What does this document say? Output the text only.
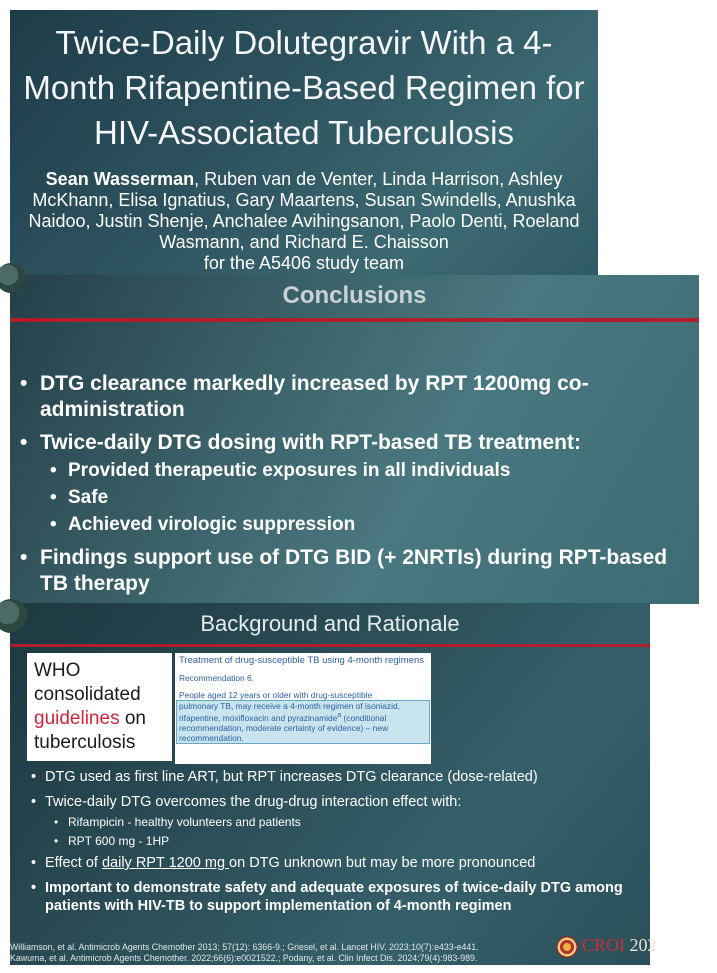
Twice-Daily Dolutegravir With a 4-Month Rifapentine-Based Regimen for HIV-Associated Tuberculosis
Sean Wasserman, Ruben van de Venter, Linda Harrison, Ashley McKhann, Elisa Ignatius, Gary Maartens, Susan Swindells, Anushka Naidoo, Justin Shenje, Anchalee Avihingsanon, Paolo Denti, Roeland Wasmann, and Richard E. Chaisson
for the A5406 study team
Conclusions
• DTG clearance markedly increased by RPT 1200mg co-administration
• Twice-daily DTG dosing with RPT-based TB treatment:
• Provided therapeutic exposures in all individuals
• Safe
• Achieved virologic suppression
• Findings support use of DTG BID (+ 2NRTIs) during RPT-based TB therapy
Background and Rationale
WHO
consolidated
guidelines on
tuberculosis
Treatment of drug-susceptible TB using 4-month regimens
Recommendation 6.
People aged 12 years or older with drug-susceptible
pulmonary TB, may receive a 4-month regimen of isoniazid, rifapentine, moxifloxacin and pyrazinamide$^a$ (conditional recommendation, moderate certainty of evidence) – new recommendation.
• DTG used as first line ART, but RPT increases DTG clearance (dose-related)
• Twice-daily DTG overcomes the drug-drug interaction effect with:
• Rifampicin - healthy volunteers and patients
• RPT 600 mg - 1HP
• Effect of daily RPT 1200 mg on DTG unknown but may be more pronounced
• Important to demonstrate safety and adequate exposures of twice-daily DTG among patients with HIV-TB to support implementation of 4-month regimen
Williamson, et al. Antimicrob Agents Chemother 2013; 57(12): 6366-9.; Griesel, et al. Lancet HIV. 2023;10(7):e433-e441.
Kawuma, et al. Antimicrob Agents Chemother. 2022;66(6):e0021522.; Podany, et al. Clin Infect Dis. 2024;79(4):983-989.
CROI 202
